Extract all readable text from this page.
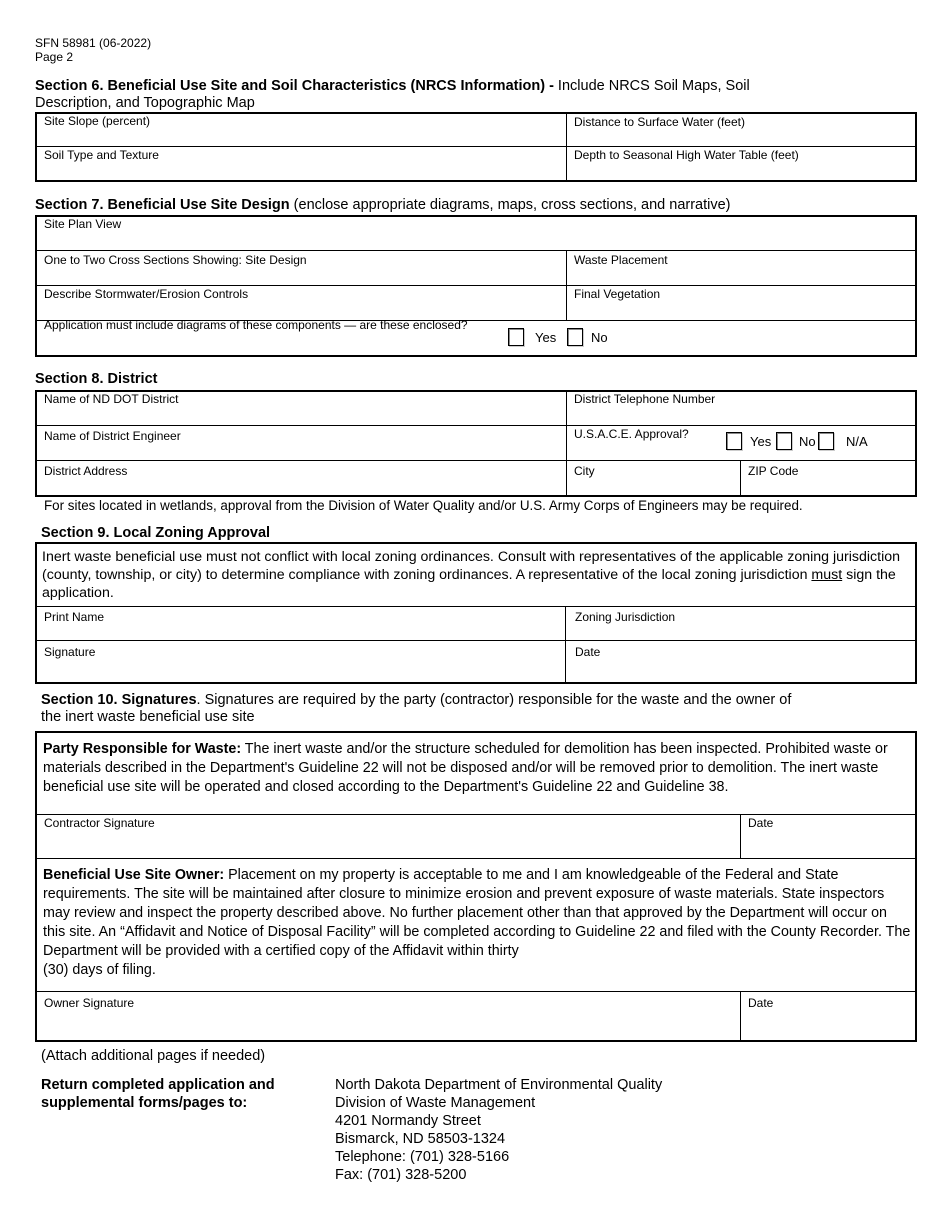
SFN 58981 (06-2022)
Page 2
Section 6. Beneficial Use Site and Soil Characteristics (NRCS Information) - Include NRCS Soil Maps, Soil
Description, and Topographic Map
Site Slope (percent)	Distance to Surface Water (feet)
Soil Type and Texture	Depth to Seasonal High Water Table (feet)
Section 7. Beneficial Use Site Design (enclose appropriate diagrams, maps, cross sections, and narrative)
Site Plan View
One to Two Cross Sections Showing: Site Design	Waste Placement
Describe Stormwater/Erosion Controls	Final Vegetation
Application must include diagrams of these components — are these enclosed?
Yes	No
Section 8. District
Name of ND DOT District	District Telephone Number
Name of District Engineer	U.S.A.C.E. Approval?	Yes No N/A
District Address	City	ZIP Code
For sites located in wetlands, approval from the Division of Water Quality and/or U.S. Army Corps of Engineers may be required.
Section 9. Local Zoning Approval
Inert waste beneficial use must not conflict with local zoning ordinances. Consult with representatives of the applicable zoning jurisdiction (county, township, or city) to determine compliance with zoning ordinances. A representative of the local zoning jurisdiction must sign the application.
Print Name	Zoning Jurisdiction
Signature	Date
Section 10. Signatures. Signatures are required by the party (contractor) responsible for the waste and the owner of
the inert waste beneficial use site
Party Responsible for Waste: The inert waste and/or the structure scheduled for demolition has been inspected. Prohibited waste or materials described in the Department's Guideline 22 will not be disposed and/or will be removed prior to demolition. The inert waste beneficial use site will be operated and closed according to the Department's Guideline 22 and Guideline 38.
Contractor Signature	Date
Beneficial Use Site Owner: Placement on my property is acceptable to me and I am knowledgeable of the Federal and State requirements. The site will be maintained after closure to minimize erosion and prevent exposure of waste materials. State inspectors may review and inspect the property described above. No further placement other than that approved by the Department will occur on this site. An “Affidavit and Notice of Disposal Facility” will be completed according to Guideline 22 and filed with the County Recorder. The Department will be provided with a certified copy of the Affidavit within thirty
(30) days of filing.
Owner Signature	Date
(Attach additional pages if needed)
Return completed application and
supplemental forms/pages to:
North Dakota Department of Environmental Quality
Division of Waste Management
4201 Normandy Street
Bismarck, ND 58503-1324
Telephone: (701) 328-5166
Fax: (701) 328-5200
